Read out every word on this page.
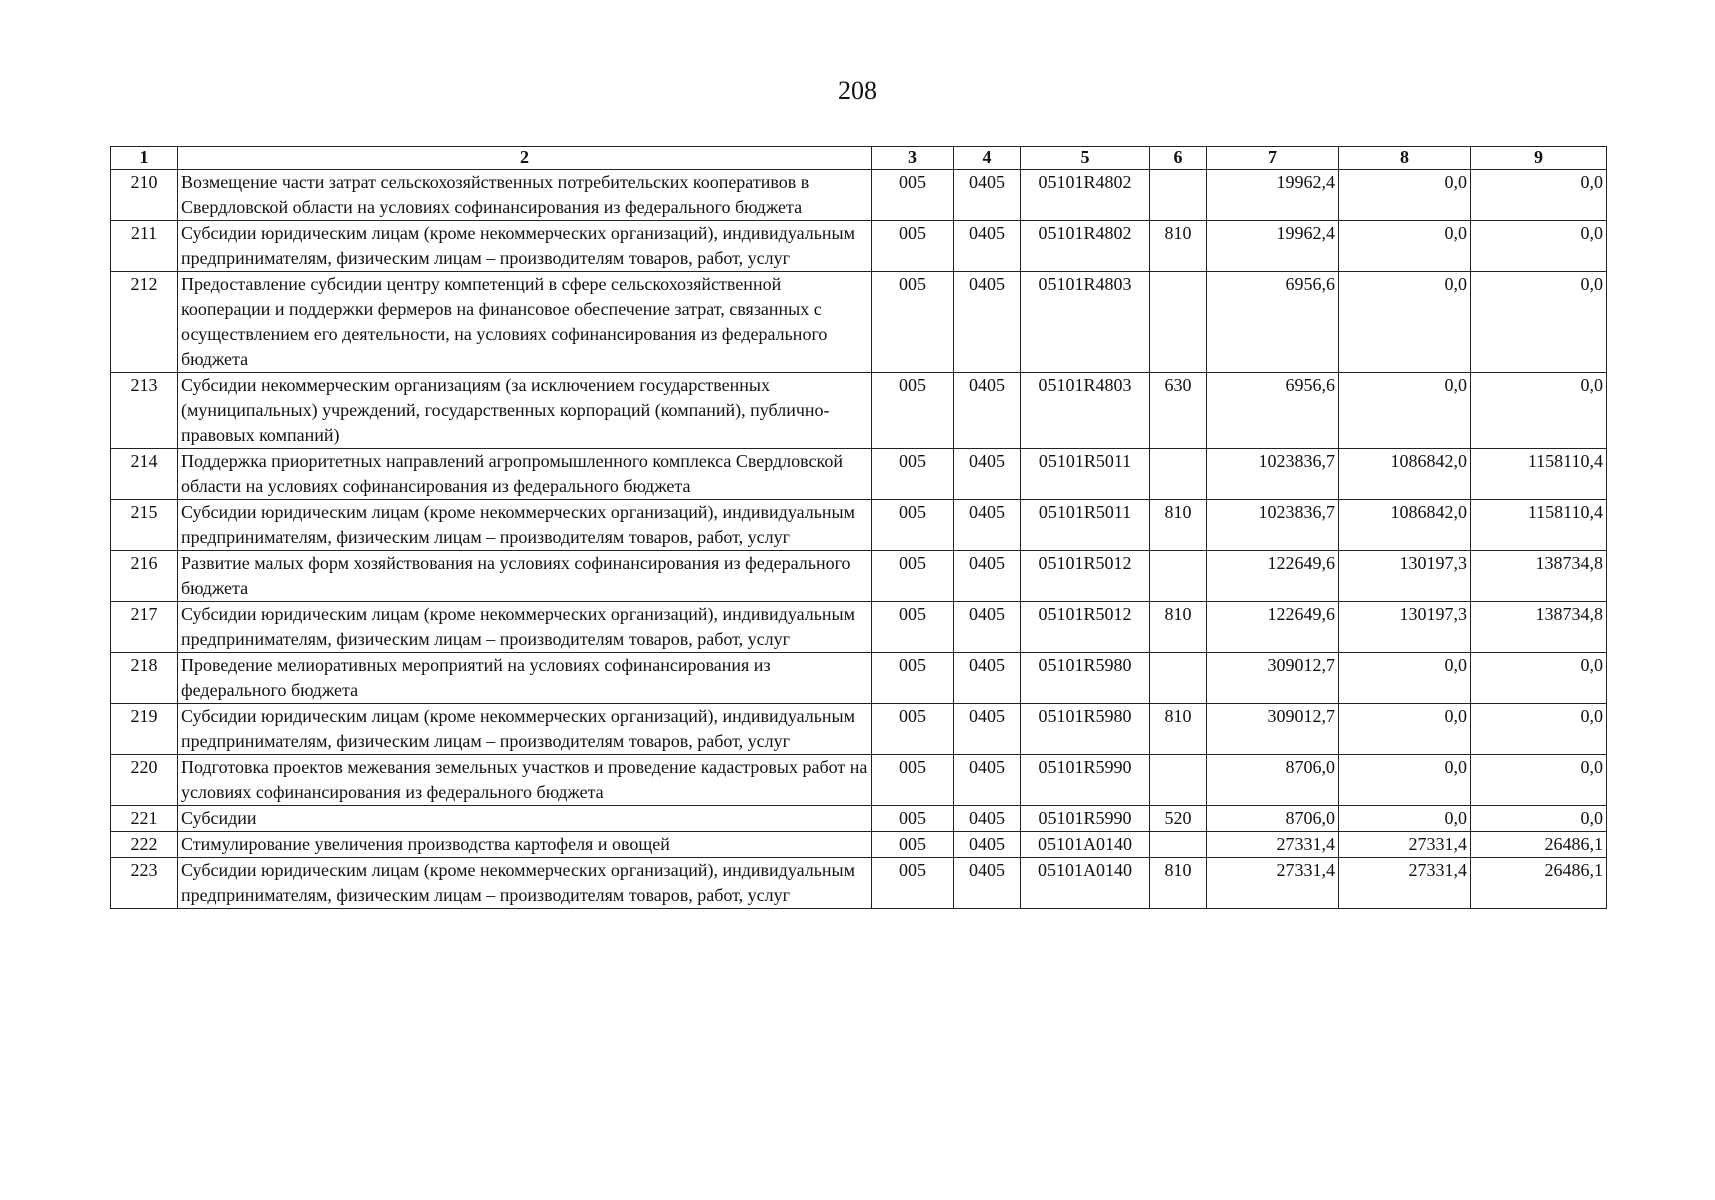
208
1	2	3	4	5	6	7	8	9
210	Возмещение части затрат сельскохозяйственных потребительских кооперативов в Свердловской области на условиях софинансирования из федерального бюджета	005	0405	05101R4802		19962,4	0,0	0,0
211	Субсидии юридическим лицам (кроме некоммерческих организаций), индивидуальным предпринимателям, физическим лицам – производителям товаров, работ, услуг	005	0405	05101R4802	810	19962,4	0,0	0,0
212	Предоставление субсидии центру компетенций в сфере сельскохозяйственной кооперации и поддержки фермеров на финансовое обеспечение затрат, связанных с осуществлением его деятельности, на условиях софинансирования из федерального бюджета	005	0405	05101R4803		6956,6	0,0	0,0
213	Субсидии некоммерческим организациям (за исключением государственных (муниципальных) учреждений, государственных корпораций (компаний), публично-правовых компаний)	005	0405	05101R4803	630	6956,6	0,0	0,0
214	Поддержка приоритетных направлений агропромышленного комплекса Свердловской области на условиях софинансирования из федерального бюджета	005	0405	05101R5011		1023836,7	1086842,0	1158110,4
215	Субсидии юридическим лицам (кроме некоммерческих организаций), индивидуальным предпринимателям, физическим лицам – производителям товаров, работ, услуг	005	0405	05101R5011	810	1023836,7	1086842,0	1158110,4
216	Развитие малых форм хозяйствования на условиях софинансирования из федерального бюджета	005	0405	05101R5012		122649,6	130197,3	138734,8
217	Субсидии юридическим лицам (кроме некоммерческих организаций), индивидуальным предпринимателям, физическим лицам – производителям товаров, работ, услуг	005	0405	05101R5012	810	122649,6	130197,3	138734,8
218	Проведение мелиоративных мероприятий на условиях софинансирования из федерального бюджета	005	0405	05101R5980		309012,7	0,0	0,0
219	Субсидии юридическим лицам (кроме некоммерческих организаций), индивидуальным предпринимателям, физическим лицам – производителям товаров, работ, услуг	005	0405	05101R5980	810	309012,7	0,0	0,0
220	Подготовка проектов межевания земельных участков и проведение кадастровых работ на условиях софинансирования из федерального бюджета	005	0405	05101R5990		8706,0	0,0	0,0
221	Субсидии	005	0405	05101R5990	520	8706,0	0,0	0,0
222	Стимулирование увеличения производства картофеля и овощей	005	0405	05101A0140		27331,4	27331,4	26486,1
223	Субсидии юридическим лицам (кроме некоммерческих организаций), индивидуальным предпринимателям, физическим лицам – производителям товаров, работ, услуг	005	0405	05101A0140	810	27331,4	27331,4	26486,1
